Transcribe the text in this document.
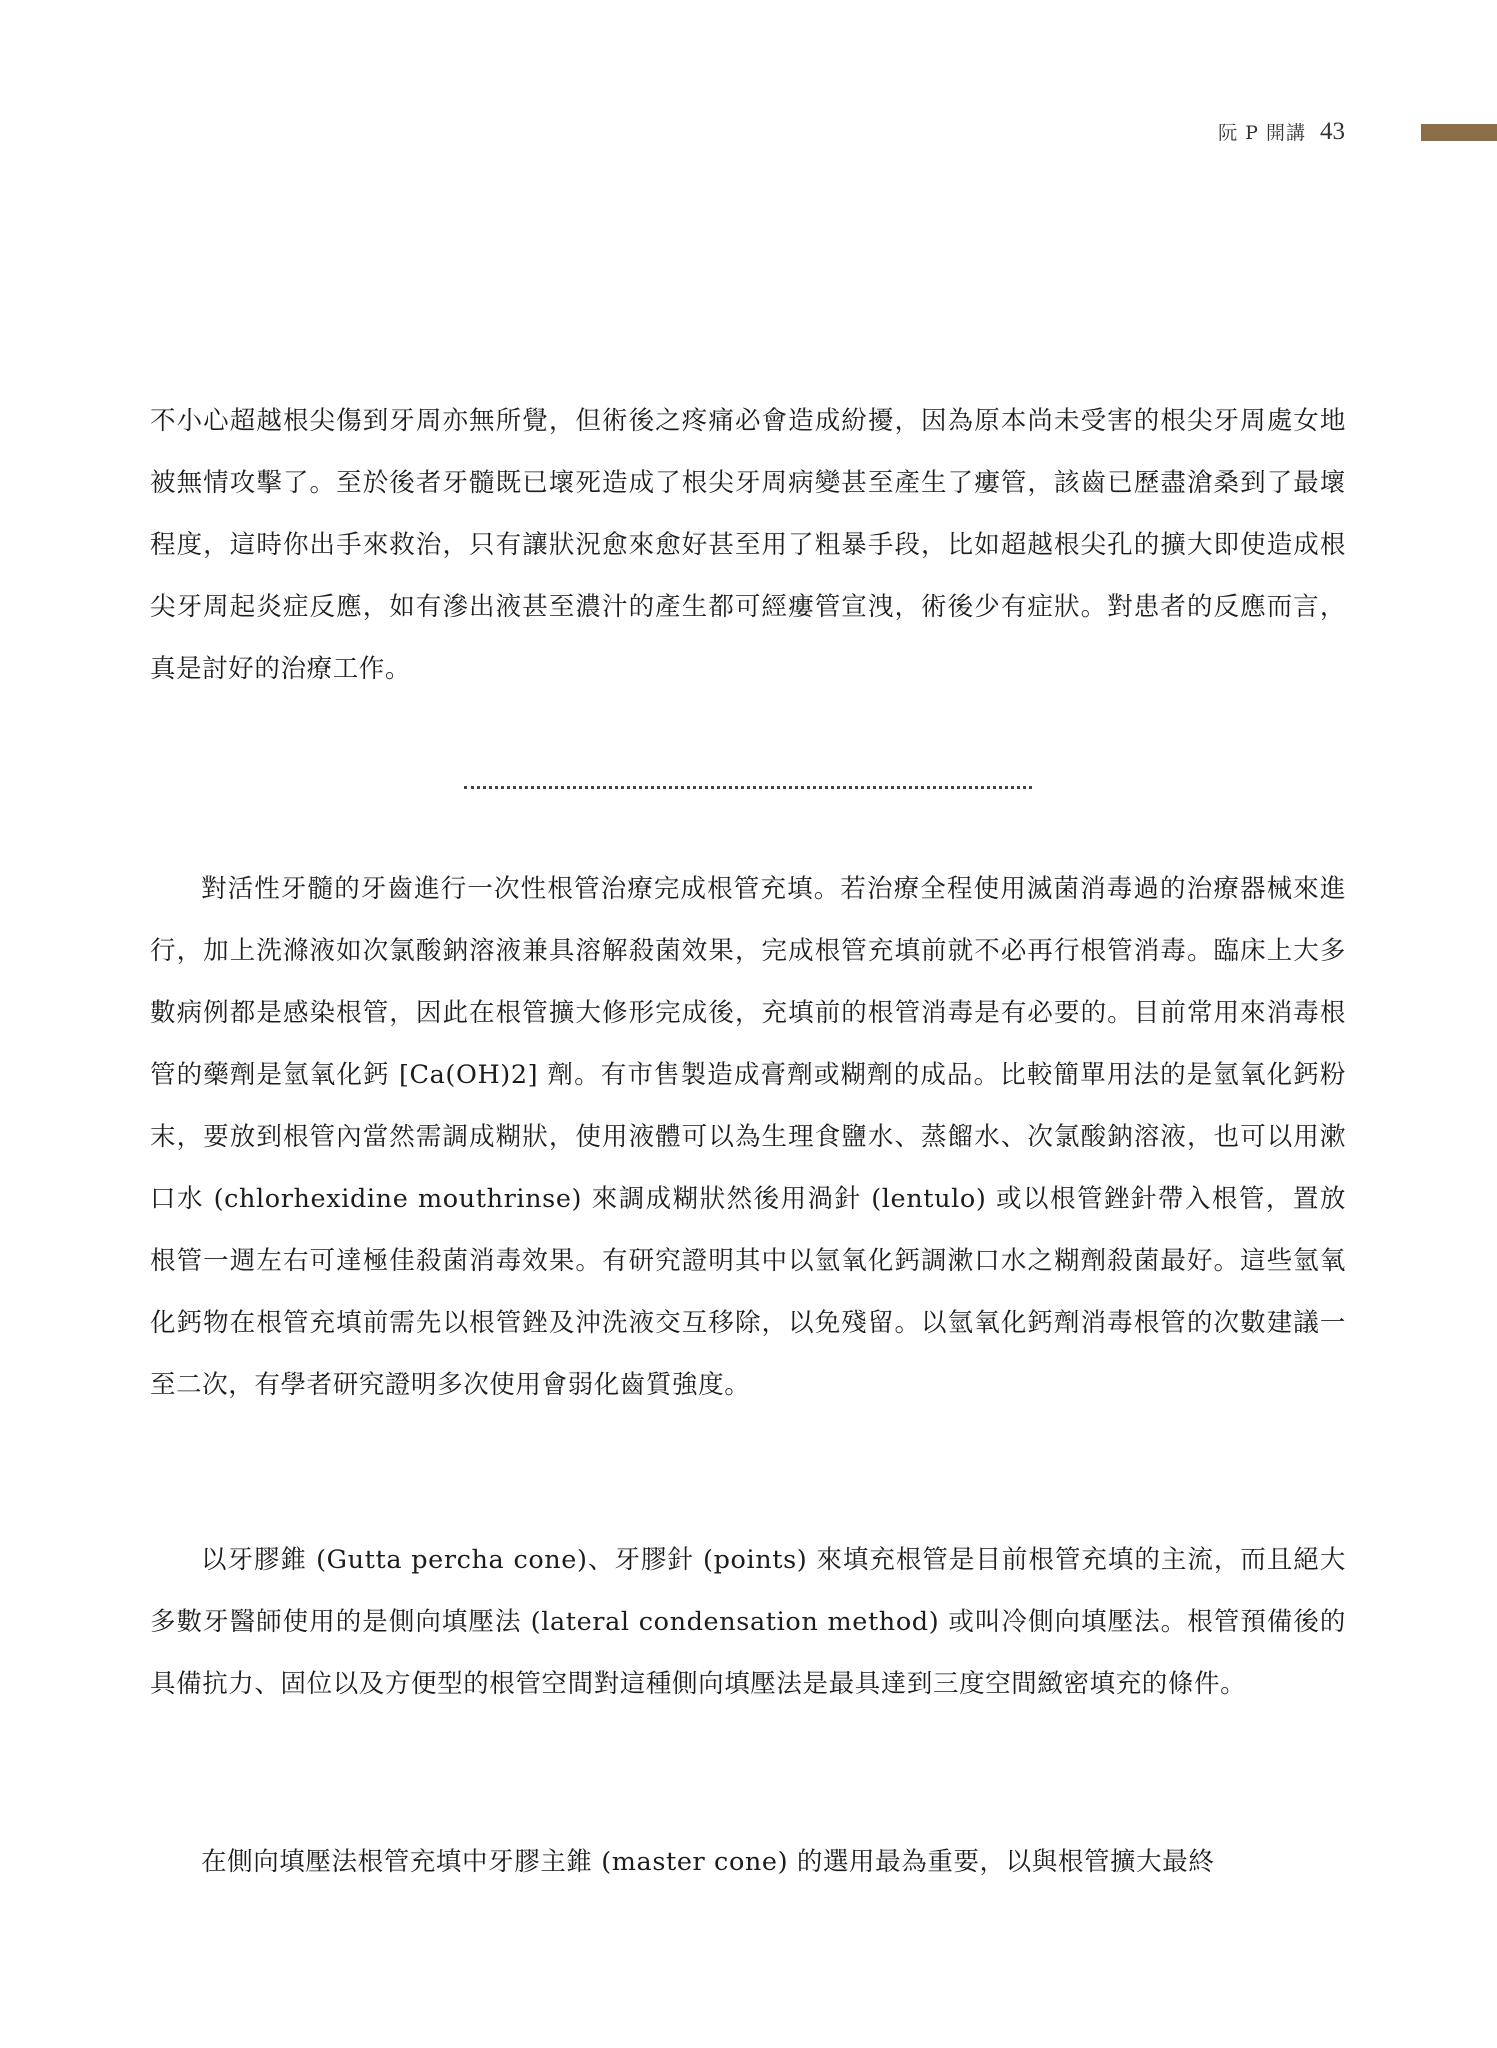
阮 P 開講 43

不小心超越根尖傷到牙周亦無所覺，但術後之疼痛必會造成紛擾，因為原本尚未受害的根尖牙周處女地被無情攻擊了。至於後者牙髓既已壞死造成了根尖牙周病變甚至產生了瘻管，該齒已歷盡滄桑到了最壞程度，這時你出手來救治，只有讓狀況愈來愈好甚至用了粗暴手段，比如超越根尖孔的擴大即使造成根尖牙周起炎症反應，如有滲出液甚至濃汁的產生都可經瘻管宣洩，術後少有症狀。對患者的反應而言，真是討好的治療工作。

對活性牙髓的牙齒進行一次性根管治療完成根管充填。若治療全程使用滅菌消毒過的治療器械來進行，加上洗滌液如次氯酸鈉溶液兼具溶解殺菌效果，完成根管充填前就不必再行根管消毒。臨床上大多數病例都是感染根管，因此在根管擴大修形完成後，充填前的根管消毒是有必要的。目前常用來消毒根管的藥劑是氫氧化鈣 [Ca(OH)2] 劑。有市售製造成膏劑或糊劑的成品。比較簡單用法的是氫氧化鈣粉末，要放到根管內當然需調成糊狀，使用液體可以為生理食鹽水、蒸餾水、次氯酸鈉溶液，也可以用漱口水 (chlorhexidine mouthrinse) 來調成糊狀然後用渦針 (lentulo) 或以根管銼針帶入根管，置放根管一週左右可達極佳殺菌消毒效果。有研究證明其中以氫氧化鈣調漱口水之糊劑殺菌最好。這些氫氧化鈣物在根管充填前需先以根管銼及沖洗液交互移除，以免殘留。以氫氧化鈣劑消毒根管的次數建議一至二次，有學者研究證明多次使用會弱化齒質強度。

以牙膠錐 (Gutta percha cone)、牙膠針 (points) 來填充根管是目前根管充填的主流，而且絕大多數牙醫師使用的是側向填壓法 (lateral condensation method) 或叫冷側向填壓法。根管預備後的具備抗力、固位以及方便型的根管空間對這種側向填壓法是最具達到三度空間緻密填充的條件。

在側向填壓法根管充填中牙膠主錐 (master cone) 的選用最為重要，以與根管擴大最終
